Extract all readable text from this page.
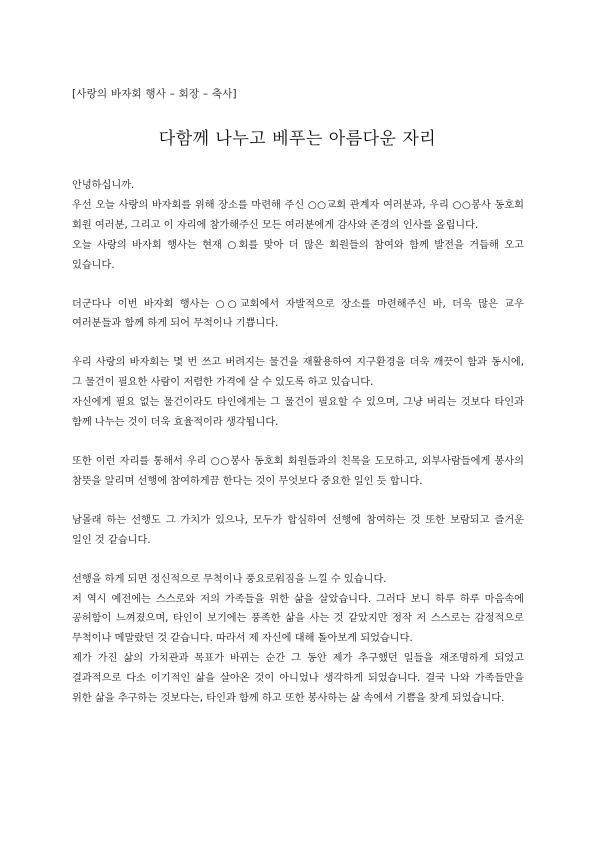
[사랑의 바자회 행사 – 회장 – 축사]
다함께 나누고 베푸는 아름다운 자리

안녕하십니까.

우선 오늘 사랑의 바자회를 위해 장소를 마련해 주신 ○○교회 관계자 여러분과, 우리 ○○봉사 동호회 회원 여러분, 그리고 이 자리에 참가해주신 모든 여러분에게 감사와 존경의 인사를 올립니다.

오늘 사랑의 바자회 행사는 현재 ○회를 맞아 더 많은 회원들의 참여와 함께 발전을 거듭해 오고 있습니다.

더군다나 이번 바자회 행사는 ○○교회에서 자발적으로 장소를 마련해주신 바, 더욱 많은 교우 여러분들과 함께 하게 되어 무척이나 기쁩니다.

우리 사랑의 바자회는 몇 번 쓰고 버려지는 물건을 재활용하여 지구환경을 더욱 깨끗이 함과 동시에, 그 물건이 필요한 사람이 저렴한 가격에 살 수 있도록 하고 있습니다.

자신에게 필요 없는 물건이라도 타인에게는 그 물건이 필요할 수 있으며, 그냥 버리는 것보다 타인과 함께 나누는 것이 더욱 효율적이라 생각됩니다.

또한 이런 자리를 통해서 우리 ○○봉사 동호회 회원들과의 친목을 도모하고, 외부사람들에게 봉사의 참뜻을 알리며 선행에 참여하게끔 한다는 것이 무엇보다 중요한 일인 듯 합니다.

남몰래 하는 선행도 그 가치가 있으나, 모두가 합심하여 선행에 참여하는 것 또한 보람되고 즐거운 일인 것 같습니다.

선행을 하게 되면 정신적으로 무척이나 풍요로워짐을 느낄 수 있습니다.

저 역시 예전에는 스스로와 저의 가족들을 위한 삶을 살았습니다. 그러다 보니 하루 하루 마음속에 공허함이 느껴졌으며, 타인이 보기에는 풍족한 삶을 사는 것 같았지만 정작 저 스스로는 감정적으로 무척이나 메말랐던 것 같습니다. 따라서 제 자신에 대해 돌아보게 되었습니다.

제가 가진 삶의 가치관과 목표가 바뀌는 순간 그 동안 제가 추구했던 일들을 재조명하게 되었고 결과적으로 다소 이기적인 삶을 살아온 것이 아니었나 생각하게 되었습니다. 결국 나와 가족들만을 위한 삶을 추구하는 것보다는, 타인과 함께 하고 또한 봉사하는 삶 속에서 기쁨을 찾게 되었습니다.
